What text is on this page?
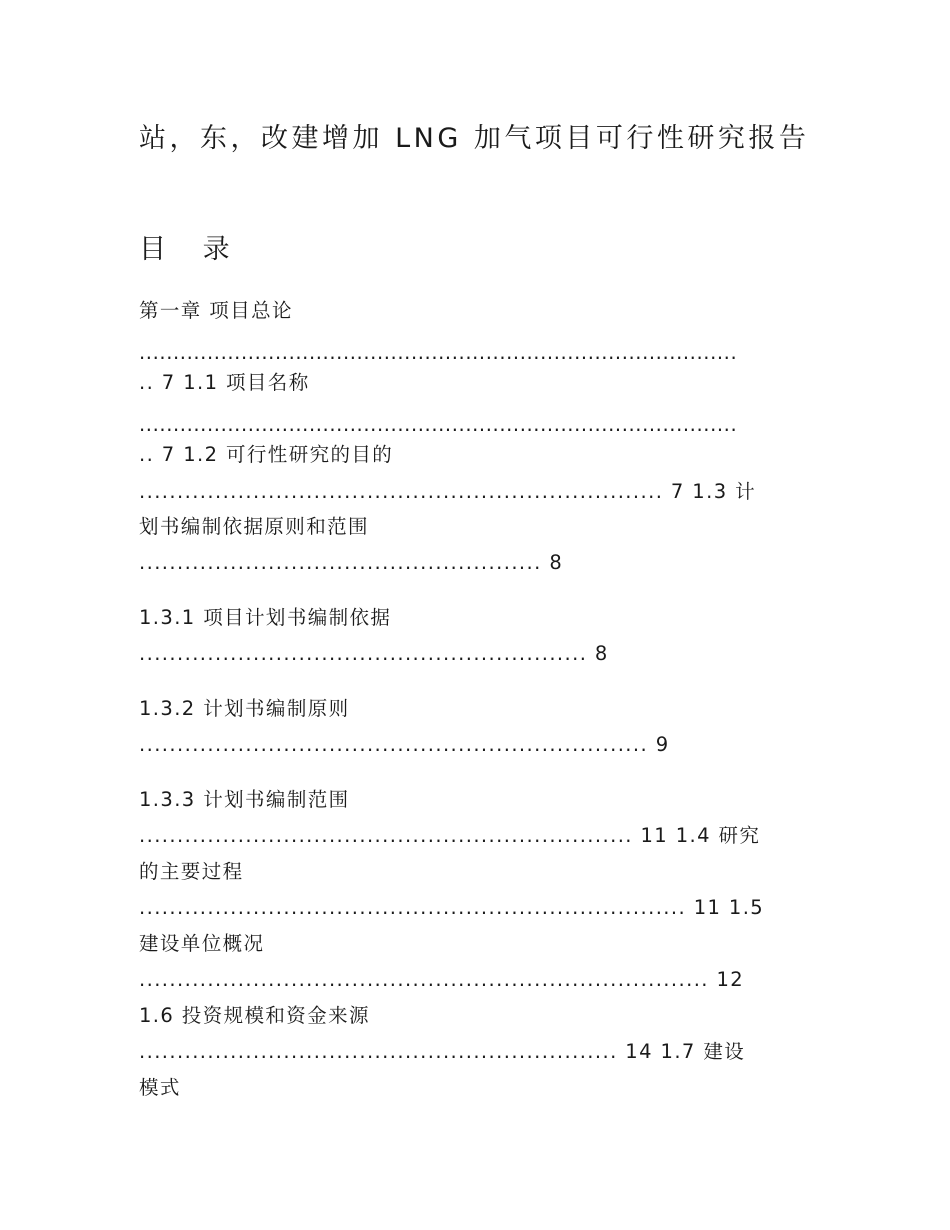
站，东，改建增加 LNG 加气项目可行性研究报告
目 录
第一章 项目总论
........................................................................................
.. 7 1.1 项目名称
........................................................................................
.. 7 1.2 可行性研究的目的
..................................................................... 7 1.3 计
划书编制依据原则和范围
..................................................... 8
1.3.1 项目计划书编制依据
........................................................... 8
1.3.2 计划书编制原则
................................................................... 9
1.3.3 计划书编制范围
................................................................. 11 1.4 研究
的主要过程
........................................................................ 11 1.5
建设单位概况
........................................................................... 12
1.6 投资规模和资金来源
............................................................... 14 1.7 建设
模式
